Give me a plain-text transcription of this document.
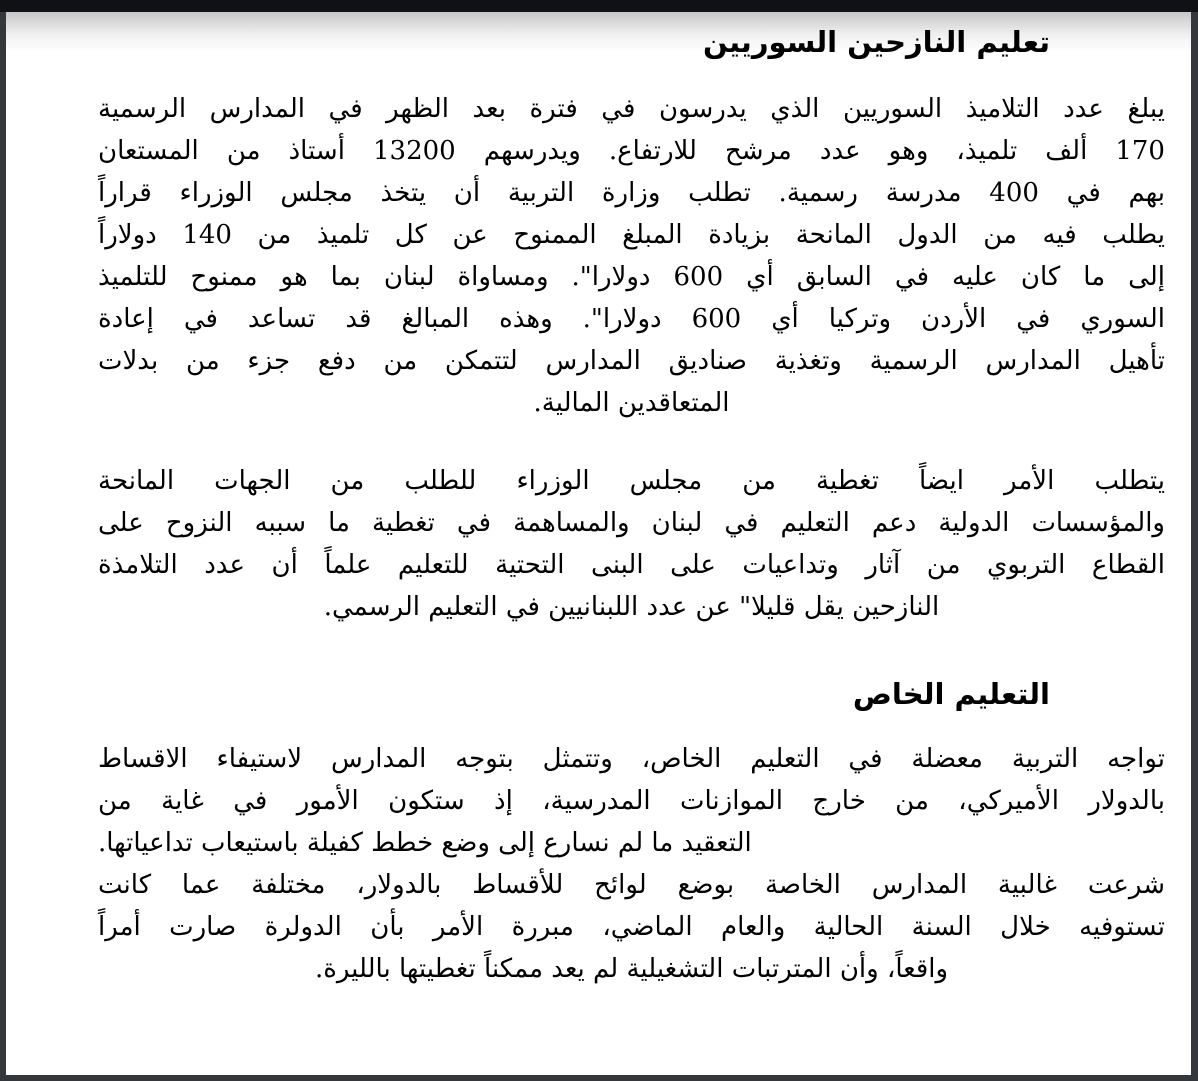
تعليم النازحين السوريين
يبلغ عدد التلاميذ السوريين الذي يدرسون في فترة بعد الظهر في المدارس الرسمية
170 ألف تلميذ، وهو عدد مرشح للارتفاع. ويدرسهم 13200 أستاذ من المستعان
بهم في 400 مدرسة رسمية. تطلب وزارة التربية أن يتخذ مجلس الوزراء قراراً
يطلب فيه من الدول المانحة بزيادة المبلغ الممنوح عن كل تلميذ من 140 دولاراً
إلى ما كان عليه في السابق أي 600 دولارا". ومساواة لبنان بما هو ممنوح للتلميذ
السوري في الأردن وتركيا أي 600 دولارا". وهذه المبالغ قد تساعد في إعادة
تأهيل المدارس الرسمية وتغذية صناديق المدارس لتتمكن من دفع جزء من بدلات
المتعاقدين المالية.
يتطلب الأمر ايضاً تغطية من مجلس الوزراء للطلب من الجهات المانحة
والمؤسسات الدولية دعم التعليم في لبنان والمساهمة في تغطية ما سببه النزوح على
القطاع التربوي من آثار وتداعيات على البنى التحتية للتعليم علماً أن عدد التلامذة
النازحين يقل قليلا" عن عدد اللبنانيين في التعليم الرسمي.
التعليم الخاص
تواجه التربية معضلة في التعليم الخاص، وتتمثل بتوجه المدارس لاستيفاء الاقساط
بالدولار الأميركي، من خارج الموازنات المدرسية، إذ ستكون الأمور في غاية من
التعقيد ما لم نسارع إلى وضع خطط كفيلة باستيعاب تداعياتها.
شرعت غالبية المدارس الخاصة بوضع لوائح للأقساط بالدولار، مختلفة عما كانت
تستوفيه خلال السنة الحالية والعام الماضي، مبررة الأمر بأن الدولرة صارت أمراً
واقعاً، وأن المترتبات التشغيلية لم يعد ممكناً تغطيتها بالليرة.
